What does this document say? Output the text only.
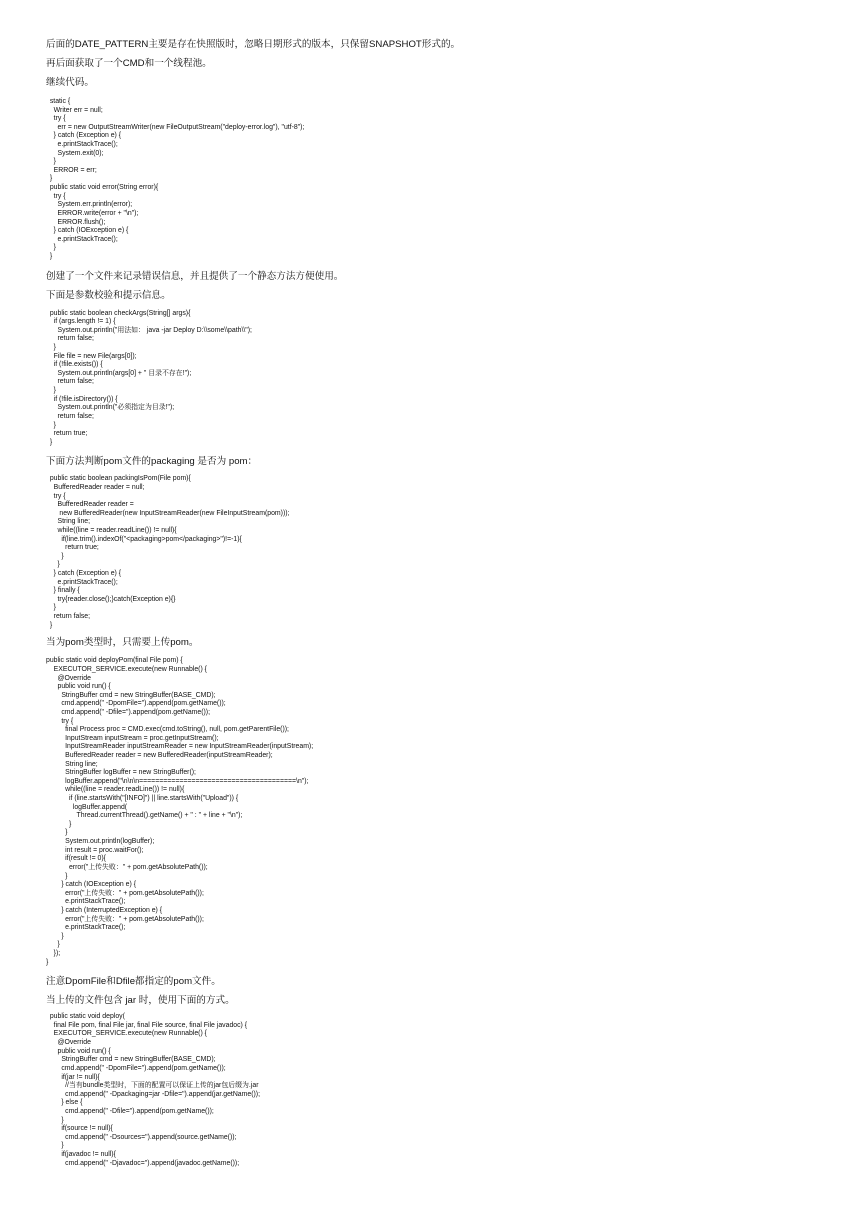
后面的DATE_PATTERN主要是存在快照版时，忽略日期形式的版本，只保留SNAPSHOT形式的。

再后面获取了一个CMD和一个线程池。

继续代码。

static {
Writer err = null;
try {
err = new OutputStreamWriter(new FileOutputStream("deploy-error.log"), "utf-8");
} catch (Exception e) {
e.printStackTrace();
System.exit(0);
}
ERROR = err;
}
public static void error(String error){
try {
System.err.println(error);
ERROR.write(error + "\n");
ERROR.flush();
} catch (IOException e) {
e.printStackTrace();
}
}

创建了一个文件来记录错误信息，并且提供了一个静态方法方便使用。

下面是参数校验和提示信息。

public static boolean checkArgs(String[] args){
if (args.length != 1) {
System.out.println("用法如： java -jar Deploy D:\\some\\path\\");
return false;
}
File file = new File(args[0]);
if (!file.exists()) {
System.out.println(args[0] + " 目录不存在!");
return false;
}
if (!file.isDirectory()) {
System.out.println("必须指定为目录!");
return false;
}
return true;
}

下面方法判断pom文件的packaging 是否为 pom：

public static boolean packingIsPom(File pom){
BufferedReader reader = null;
try {
BufferedReader reader =
new BufferedReader(new InputStreamReader(new FileInputStream(pom)));
String line;
while((line = reader.readLine()) != null){
if(line.trim().indexOf("<packaging>pom</packaging>")!=-1){
return true;
}
}
} catch (Exception e) {
e.printStackTrace();
} finally {
try{reader.close();}catch(Exception e){}
}
return false;
}

当为pom类型时，只需要上传pom。

public static void deployPom(final File pom) {
EXECUTOR_SERVICE.execute(new Runnable() {
@Override
public void run() {
StringBuffer cmd = new StringBuffer(BASE_CMD);
cmd.append(" -DpomFile=").append(pom.getName());
cmd.append(" -Dfile=").append(pom.getName());
try {
final Process proc = CMD.exec(cmd.toString(), null, pom.getParentFile());
InputStream inputStream = proc.getInputStream();
InputStreamReader inputStreamReader = new InputStreamReader(inputStream);
BufferedReader reader = new BufferedReader(inputStreamReader);
String line;
StringBuffer logBuffer = new StringBuffer();
logBuffer.append("\n\n\n=======================================\n");
while((line = reader.readLine()) != null){
if (line.startsWith("[INFO]") || line.startsWith("Upload")) {
logBuffer.append(
Thread.currentThread().getName() + " : " + line + "\n");
}
}
System.out.println(logBuffer);
int result = proc.waitFor();
if(result != 0){
error("上传失败：" + pom.getAbsolutePath());
}
} catch (IOException e) {
error("上传失败：" + pom.getAbsolutePath());
e.printStackTrace();
} catch (InterruptedException e) {
error("上传失败：" + pom.getAbsolutePath());
e.printStackTrace();
}
}
});
}

注意DpomFile和Dfile都指定的pom文件。

当上传的文件包含 jar 时，使用下面的方式。

public static void deploy(
final File pom, final File jar, final File source, final File javadoc) {
EXECUTOR_SERVICE.execute(new Runnable() {
@Override
public void run() {
StringBuffer cmd = new StringBuffer(BASE_CMD);
cmd.append(" -DpomFile=").append(pom.getName());
if(jar != null){
//当有bundle类型时，下面的配置可以保证上传的jar包后缀为.jar
cmd.append(" -Dpackaging=jar -Dfile=").append(jar.getName());
} else {
cmd.append(" -Dfile=").append(pom.getName());
}
if(source != null){
cmd.append(" -Dsources=").append(source.getName());
}
if(javadoc != null){
cmd.append(" -Djavadoc=").append(javadoc.getName());
